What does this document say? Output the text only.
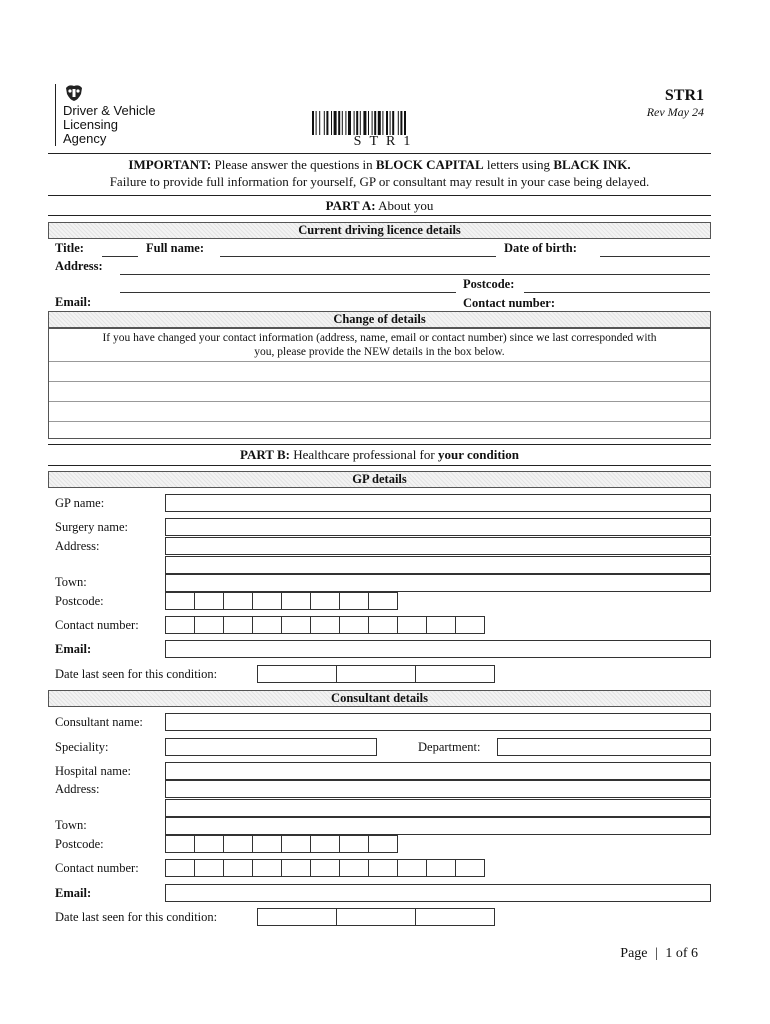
Driver & Vehicle
Licensing
Agency	STR1
STR1
Rev May 24
IMPORTANT: Please answer the questions in BLOCK CAPITAL letters using BLACK INK.
Failure to provide full information for yourself, GP or consultant may result in your case being delayed.
PART A: About you
Current driving licence details
Title:	Full name:	Date of birth:
Address:
Postcode:
Email:	Contact number:
Change of details
If you have changed your contact information (address, name, email or contact number) since we last corresponded with
you, please provide the NEW details in the box below.
PART B: Healthcare professional for your condition
GP details
GP name:
Surgery name:
Address:
Town:
Postcode:
Contact number:
Email:
Date last seen for this condition:
Consultant details
Consultant name:
Speciality:	Department:
Hospital name:
Address:
Town:
Postcode:
Contact number:
Email:
Date last seen for this condition:
Page | 1 of 6
